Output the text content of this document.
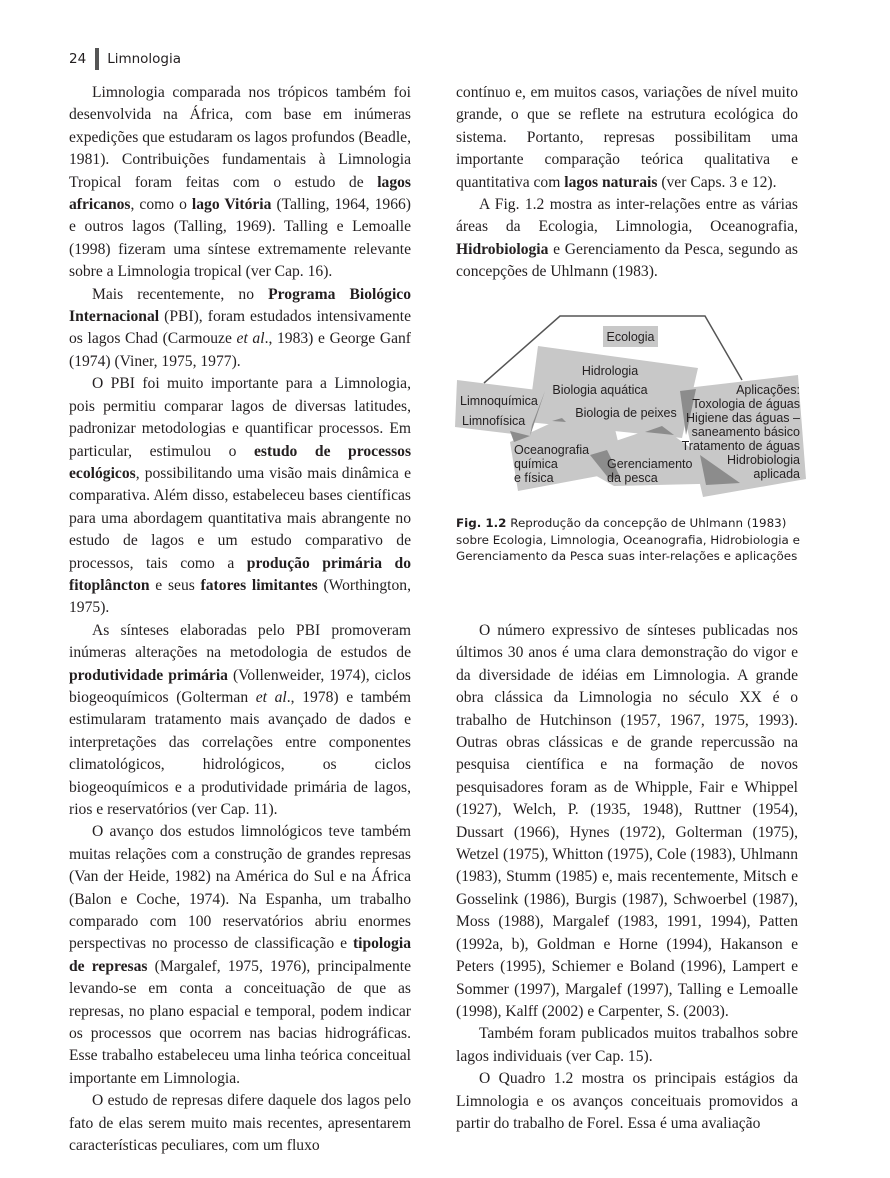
24 Limnologia

Limnologia comparada nos trópicos também foi desenvolvida na África, com base em inúmeras expedições que estudaram os lagos profundos (Beadle, 1981). Contribuições fundamentais à Limnologia Tropical foram feitas com o estudo de lagos africanos, como o lago Vitória (Talling, 1964, 1966) e outros lagos (Talling, 1969). Talling e Lemoalle (1998) fizeram uma síntese extremamente relevante sobre a Limnologia tropical (ver Cap. 16).

Mais recentemente, no Programa Biológico Internacional (PBI), foram estudados intensivamente os lagos Chad (Carmouze et al., 1983) e George Ganf (1974) (Viner, 1975, 1977).

O PBI foi muito importante para a Limnologia, pois permitiu comparar lagos de diversas latitudes, padronizar metodologias e quantificar processos. Em particular, estimulou o estudo de processos ecológicos, possibilitando uma visão mais dinâmica e comparativa. Além disso, estabeleceu bases científicas para uma abordagem quantitativa mais abrangente no estudo de lagos e um estudo comparativo de processos, tais como a produção primária do fitoplâncton e seus fatores limitantes (Worthington, 1975).

As sínteses elaboradas pelo PBI promoveram inúmeras alterações na metodologia de estudos de produtividade primária (Vollenweider, 1974), ciclos biogeoquímicos (Golterman et al., 1978) e também estimularam tratamento mais avançado de dados e interpretações das correlações entre componentes climatológicos, hidrológicos, os ciclos biogeoquímicos e a produtividade primária de lagos, rios e reservatórios (ver Cap. 11).

O avanço dos estudos limnológicos teve também muitas relações com a construção de grandes represas (Van der Heide, 1982) na América do Sul e na África (Balon e Coche, 1974). Na Espanha, um trabalho comparado com 100 reservatórios abriu enormes perspectivas no processo de classificação e tipologia de represas (Margalef, 1975, 1976), principalmente levando-se em conta a conceituação de que as represas, no plano espacial e temporal, podem indicar os processos que ocorrem nas bacias hidrográficas. Esse trabalho estabeleceu uma linha teórica conceitual importante em Limnologia.

O estudo de represas difere daquele dos lagos pelo fato de elas serem muito mais recentes, apresentarem características peculiares, com um fluxo

contínuo e, em muitos casos, variações de nível muito grande, o que se reflete na estrutura ecológica do sistema. Portanto, represas possibilitam uma importante comparação teórica qualitativa e quantitativa com lagos naturais (ver Caps. 3 e 12).

A Fig. 1.2 mostra as inter-relações entre as várias áreas da Ecologia, Limnologia, Oceanografia, Hidrobiologia e Gerenciamento da Pesca, segundo as concepções de Uhlmann (1983).

Ecologia
Hidrologia
Biologia aquática
Biologia de peixes
Limnoquímica
Limnofísica
Oceanografia
química
e física
Gerenciamento
da pesca
Aplicações:
Toxologia de águas
Higiene das águas –
saneamento básico
Tratamento de águas
Hidrobiologia
aplicada
Fig. 1.2 Reprodução da concepção de Uhlmann (1983) sobre Ecologia, Limnologia, Oceanografia, Hidrobiologia e Gerenciamento da Pesca suas inter-relações e aplicações

O número expressivo de sínteses publicadas nos últimos 30 anos é uma clara demonstração do vigor e da diversidade de idéias em Limnologia. A grande obra clássica da Limnologia no século XX é o trabalho de Hutchinson (1957, 1967, 1975, 1993). Outras obras clássicas e de grande repercussão na pesquisa científica e na formação de novos pesquisadores foram as de Whipple, Fair e Whippel (1927), Welch, P. (1935, 1948), Ruttner (1954), Dussart (1966), Hynes (1972), Golterman (1975), Wetzel (1975), Whitton (1975), Cole (1983), Uhlmann (1983), Stumm (1985) e, mais recentemente, Mitsch e Gosselink (1986), Burgis (1987), Schwoerbel (1987), Moss (1988), Margalef (1983, 1991, 1994), Patten (1992a, b), Goldman e Horne (1994), Hakanson e Peters (1995), Schiemer e Boland (1996), Lampert e Sommer (1997), Margalef (1997), Talling e Lemoalle (1998), Kalff (2002) e Carpenter, S. (2003).

Também foram publicados muitos trabalhos sobre lagos individuais (ver Cap. 15).

O Quadro 1.2 mostra os principais estágios da Limnologia e os avanços conceituais promovidos a partir do trabalho de Forel. Essa é uma avaliação
